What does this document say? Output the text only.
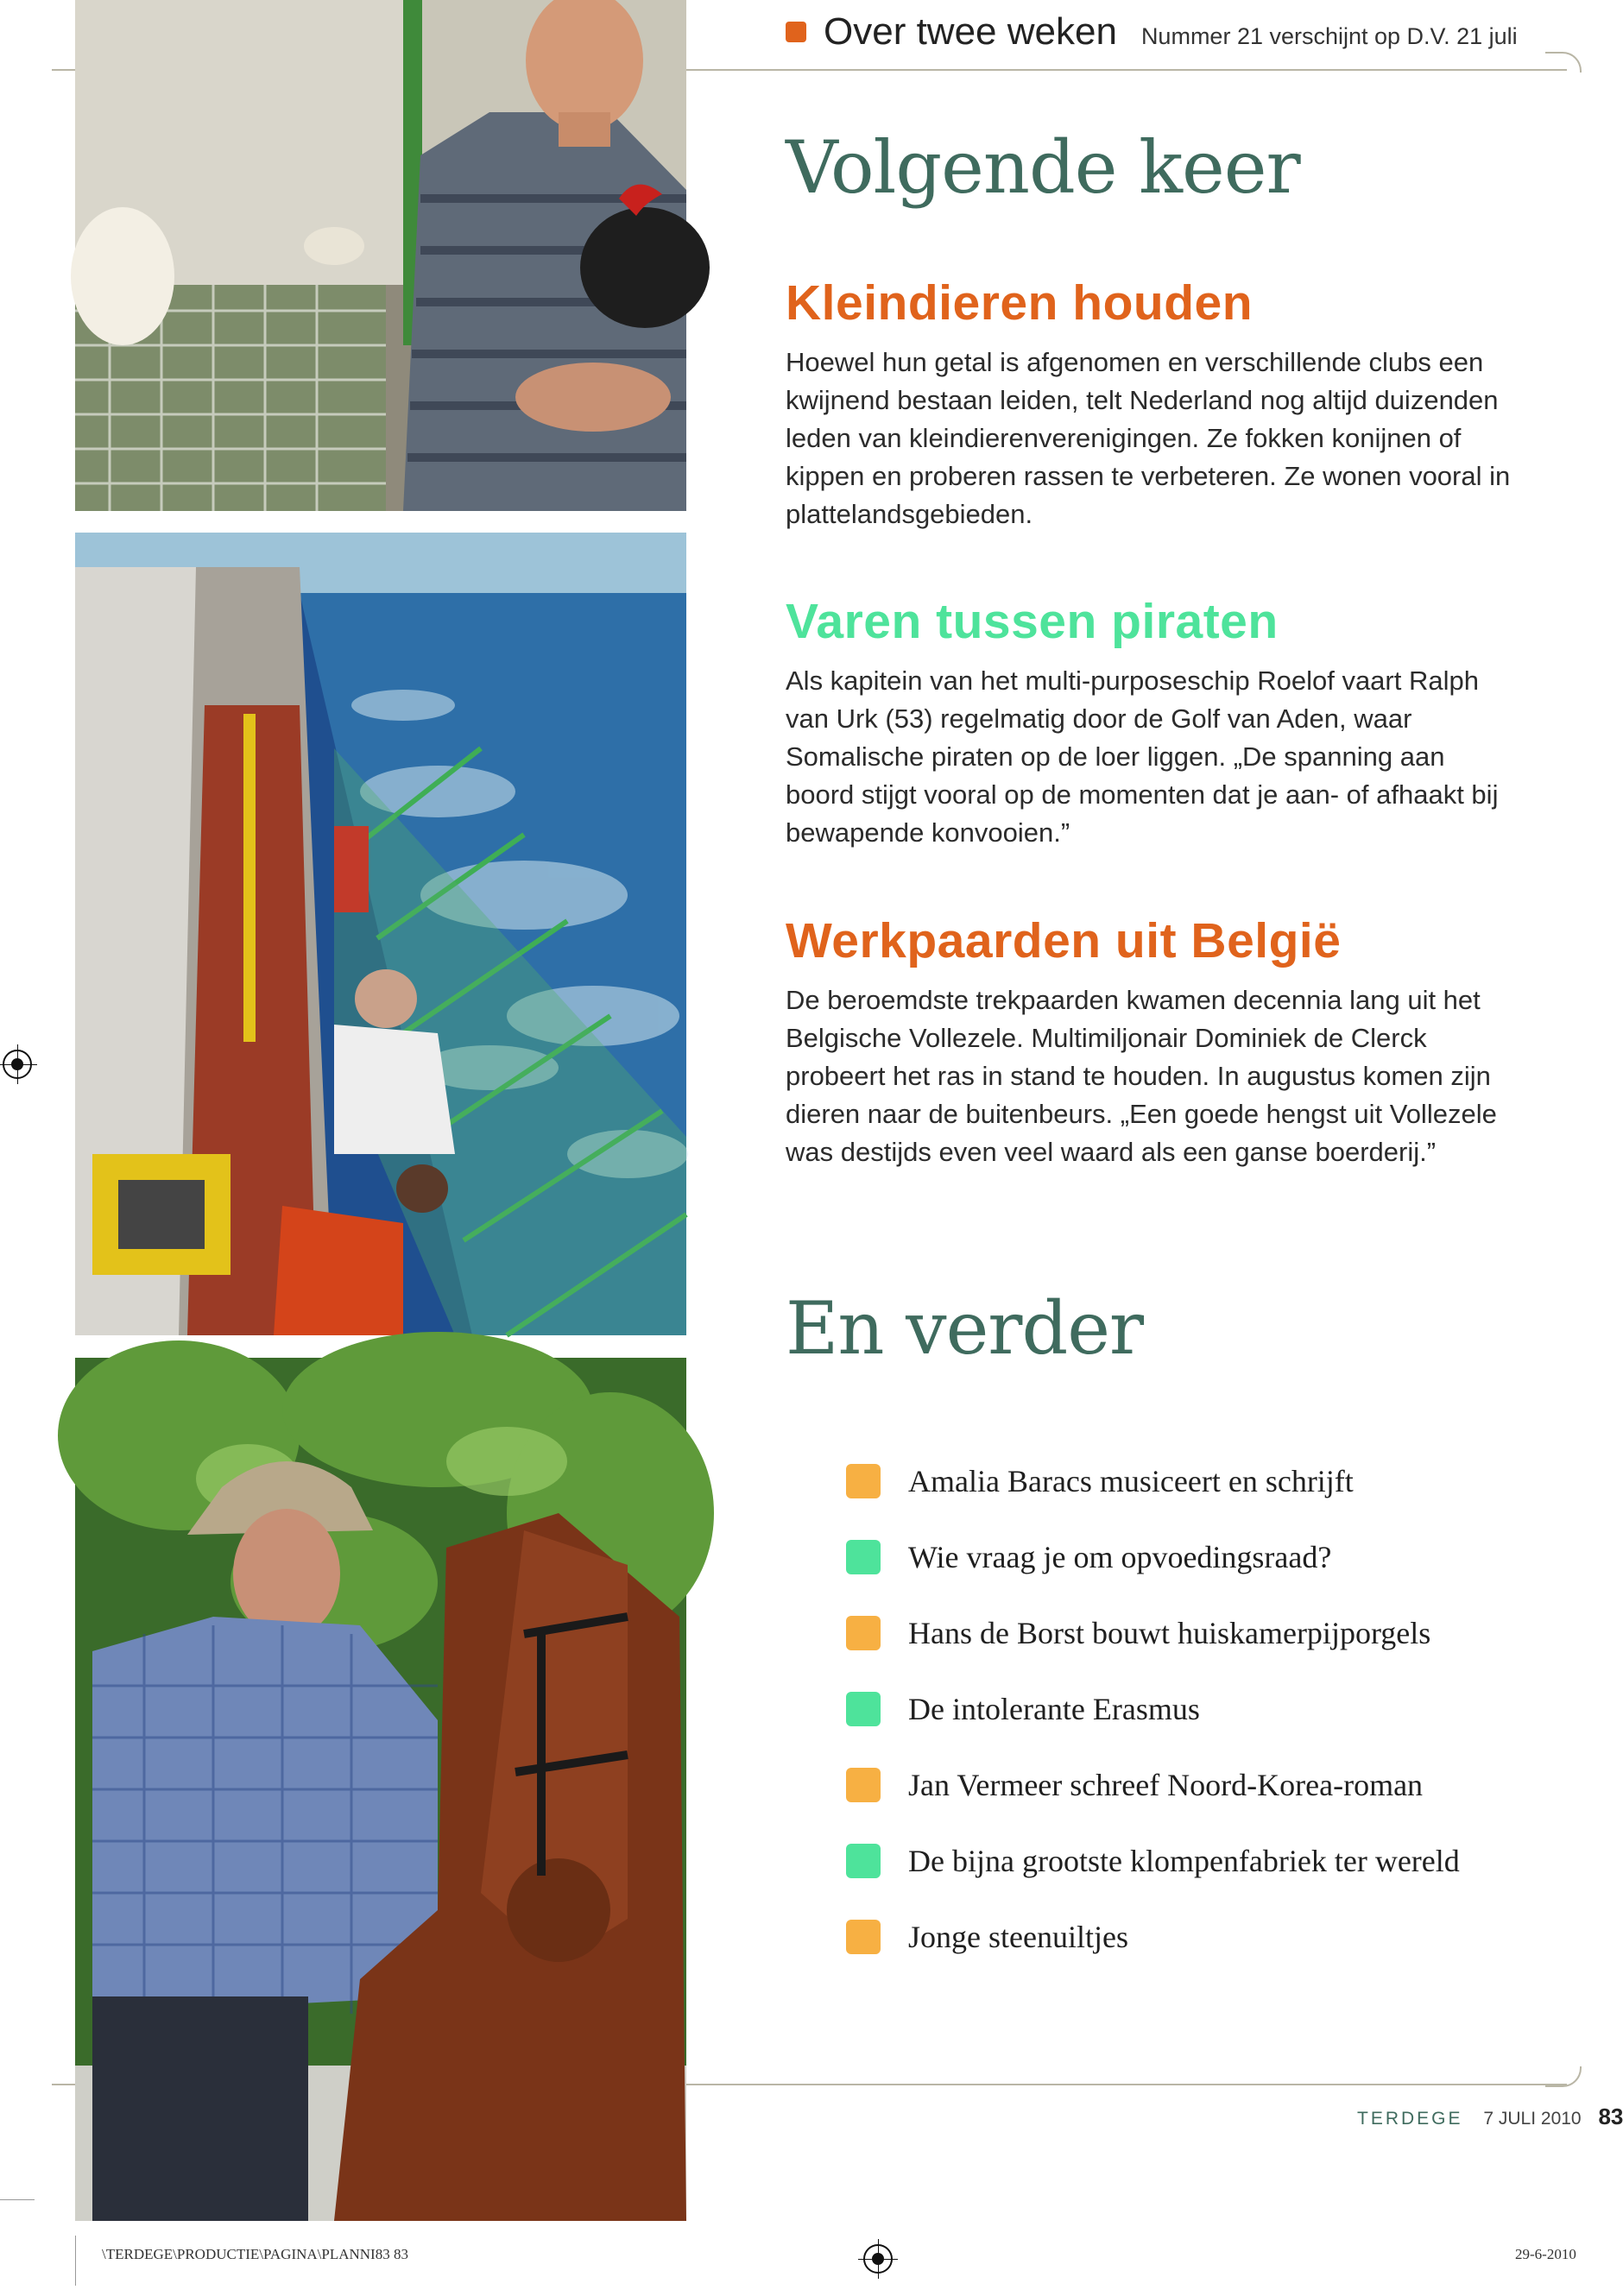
Over twee weken Nummer 21 verschijnt op D.V. 21 juli
Volgende keer
Kleindieren houden

Hoewel hun getal is afgenomen en verschillende clubs een kwijnend bestaan leiden, telt Nederland nog altijd duizenden leden van kleindierenverenigingen. Ze fokken konijnen of kippen en proberen rassen te verbeteren. Ze wonen vooral in plattelandsgebieden.

Varen tussen piraten

Als kapitein van het multi-purposeschip Roelof vaart Ralph van Urk (53) regelmatig door de Golf van Aden, waar Somalische piraten op de loer liggen. „De spanning aan boord stijgt vooral op de momenten dat je aan- of afhaakt bij bewapende konvooien.”

Werkpaarden uit België

De beroemdste trekpaarden kwamen decennia lang uit het Belgische Vollezele. Multimiljonair Dominiek de Clerck probeert het ras in stand te houden. In augustus komen zijn dieren naar de buitenbeurs. „Een goede hengst uit Vollezele was destijds even veel waard als een ganse boerderij.”

En verder
Amalia Baracs musiceert en schrijft
Wie vraag je om opvoedingsraad?
Hans de Borst bouwt huiskamerpijporgels
De intolerante Erasmus
Jan Vermeer schreef Noord-Korea-roman
De bijna grootste klompenfabriek ter wereld
Jonge steenuiltjes
TERDEGE 7 JULI 2010 83
\TERDEGE\PRODUCTIE\PAGINA\PLANNI83 83	29-6-2010
